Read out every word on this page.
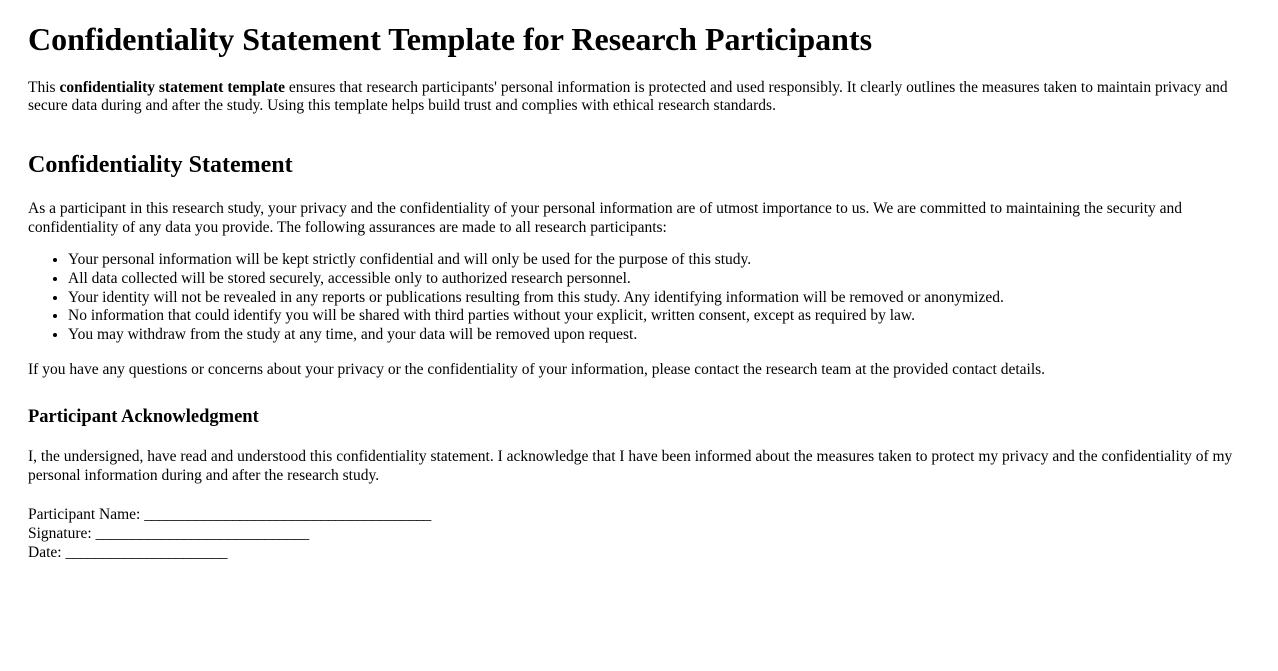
Confidentiality Statement Template for Research Participants

This confidentiality statement template ensures that research participants' personal information is protected and used responsibly. It clearly outlines the measures taken to maintain privacy and secure data during and after the study. Using this template helps build trust and complies with ethical research standards.

Confidentiality Statement

As a participant in this research study, your privacy and the confidentiality of your personal information are of utmost importance to us. We are committed to maintaining the security and confidentiality of any data you provide. The following assurances are made to all research participants:

• Your personal information will be kept strictly confidential and will only be used for the purpose of this study.
• All data collected will be stored securely, accessible only to authorized research personnel.
• Your identity will not be revealed in any reports or publications resulting from this study. Any identifying information will be removed or anonymized.
• No information that could identify you will be shared with third parties without your explicit, written consent, except as required by law.
• You may withdraw from the study at any time, and your data will be removed upon request.

If you have any questions or concerns about your privacy or the confidentiality of your information, please contact the research team at the provided contact details.

Participant Acknowledgment

I, the undersigned, have read and understood this confidentiality statement. I acknowledge that I have been informed about the measures taken to protect my privacy and the confidentiality of my personal information during and after the research study.

Participant Name: _______________________________________
Signature: _____________________________
Date: ______________________
